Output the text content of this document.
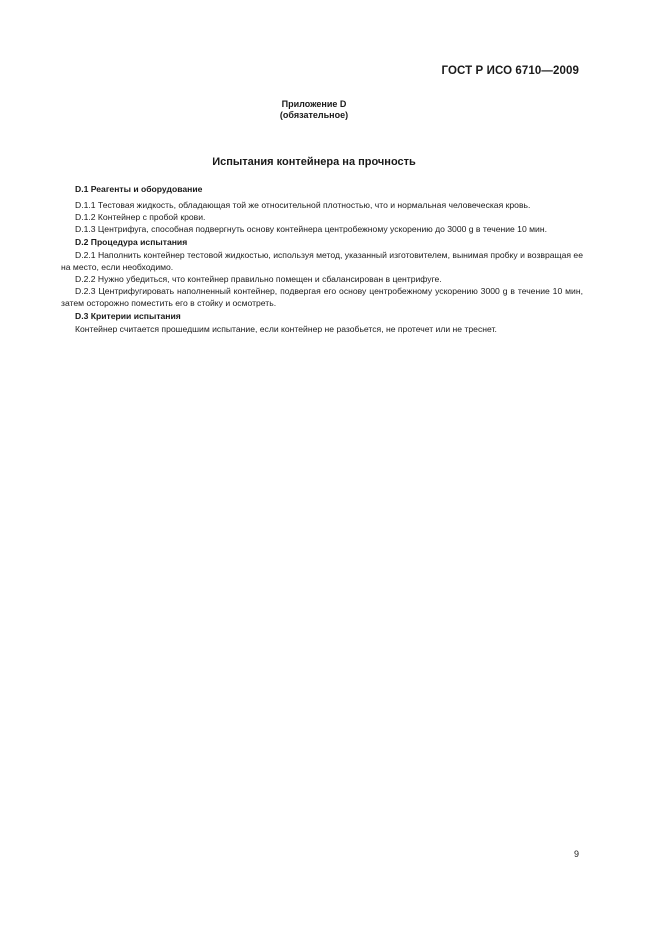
ГОСТ Р ИСО 6710—2009
Приложение D
(обязательное)
Испытания контейнера на прочность
D.1 Реагенты и оборудование

D.1.1 Тестовая жидкость, обладающая той же относительной плотностью, что и нормальная человеческая кровь.

D.1.2 Контейнер с пробой крови.

D.1.3 Центрифуга, способная подвергнуть основу контейнера центробежному ускорению до 3000 g в течение 10 мин.

D.2 Процедура испытания

D.2.1 Наполнить контейнер тестовой жидкостью, используя метод, указанный изготовителем, вынимая пробку и возвращая ее на место, если необходимо.

D.2.2 Нужно убедиться, что контейнер правильно помещен и сбалансирован в центрифуге.

D.2.3 Центрифугировать наполненный контейнер, подвергая его основу центробежному ускорению 3000 g в течение 10 мин, затем осторожно поместить его в стойку и осмотреть.

D.3 Критерии испытания

Контейнер считается прошедшим испытание, если контейнер не разобьется, не протечет или не треснет.

9
